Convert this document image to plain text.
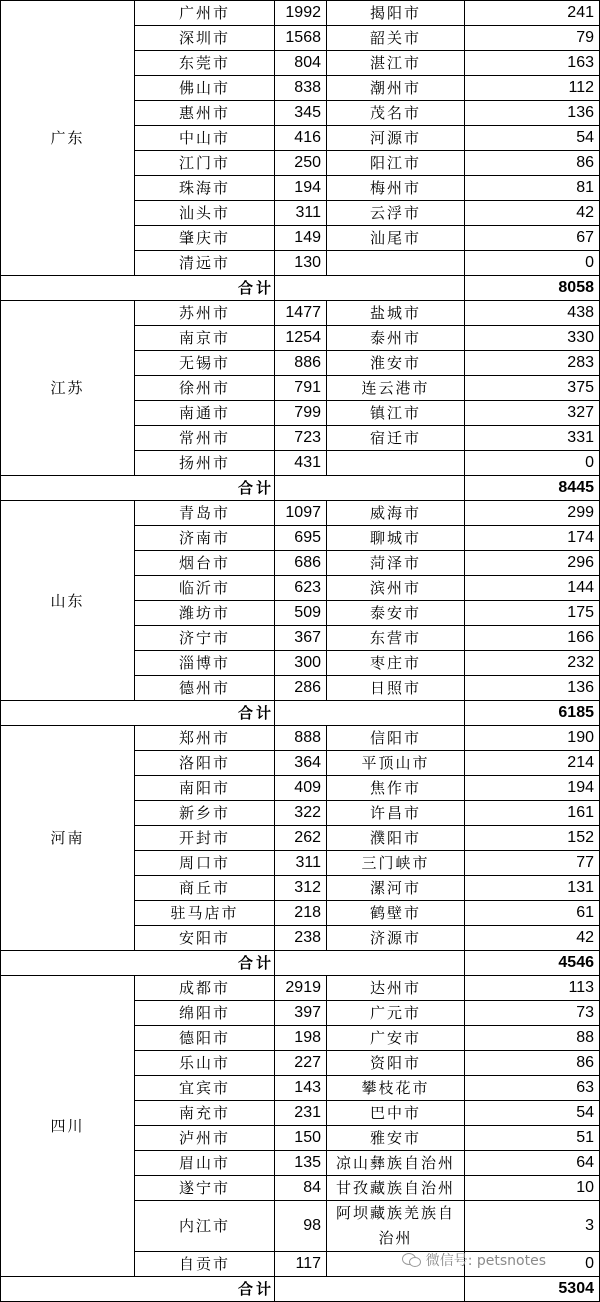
广东	广州市	1992	揭阳市	241
	深圳市	1568	韶关市	79
	东莞市	804	湛江市	163
	佛山市	838	潮州市	112
	惠州市	345	茂名市	136
	中山市	416	河源市	54
	江门市	250	阳江市	86
	珠海市	194	梅州市	81
	汕头市	311	云浮市	42
	肇庆市	149	汕尾市	67
	清远市	130		0
合计				8058
江苏	苏州市	1477	盐城市	438
	南京市	1254	泰州市	330
	无锡市	886	淮安市	283
	徐州市	791	连云港市	375
	南通市	799	镇江市	327
	常州市	723	宿迁市	331
	扬州市	431		0
合计				8445
山东	青岛市	1097	威海市	299
	济南市	695	聊城市	174
	烟台市	686	菏泽市	296
	临沂市	623	滨州市	144
	潍坊市	509	泰安市	175
	济宁市	367	东营市	166
	淄博市	300	枣庄市	232
	德州市	286	日照市	136
合计				6185
河南	郑州市	888	信阳市	190
	洛阳市	364	平顶山市	214
	南阳市	409	焦作市	194
	新乡市	322	许昌市	161
	开封市	262	濮阳市	152
	周口市	311	三门峡市	77
	商丘市	312	漯河市	131
	驻马店市	218	鹤壁市	61
	安阳市	238	济源市	42
合计				4546
四川	成都市	2919	达州市	113
	绵阳市	397	广元市	73
	德阳市	198	广安市	88
	乐山市	227	资阳市	86
	宜宾市	143	攀枝花市	63
	南充市	231	巴中市	54
	泸州市	150	雅安市	51
	眉山市	135	凉山彝族自治州	64
	遂宁市	84	甘孜藏族自治州	10
	内江市	98	阿坝藏族羌族自治州	3
	自贡市	117		0
合计				5304
微信号: petsnotes
